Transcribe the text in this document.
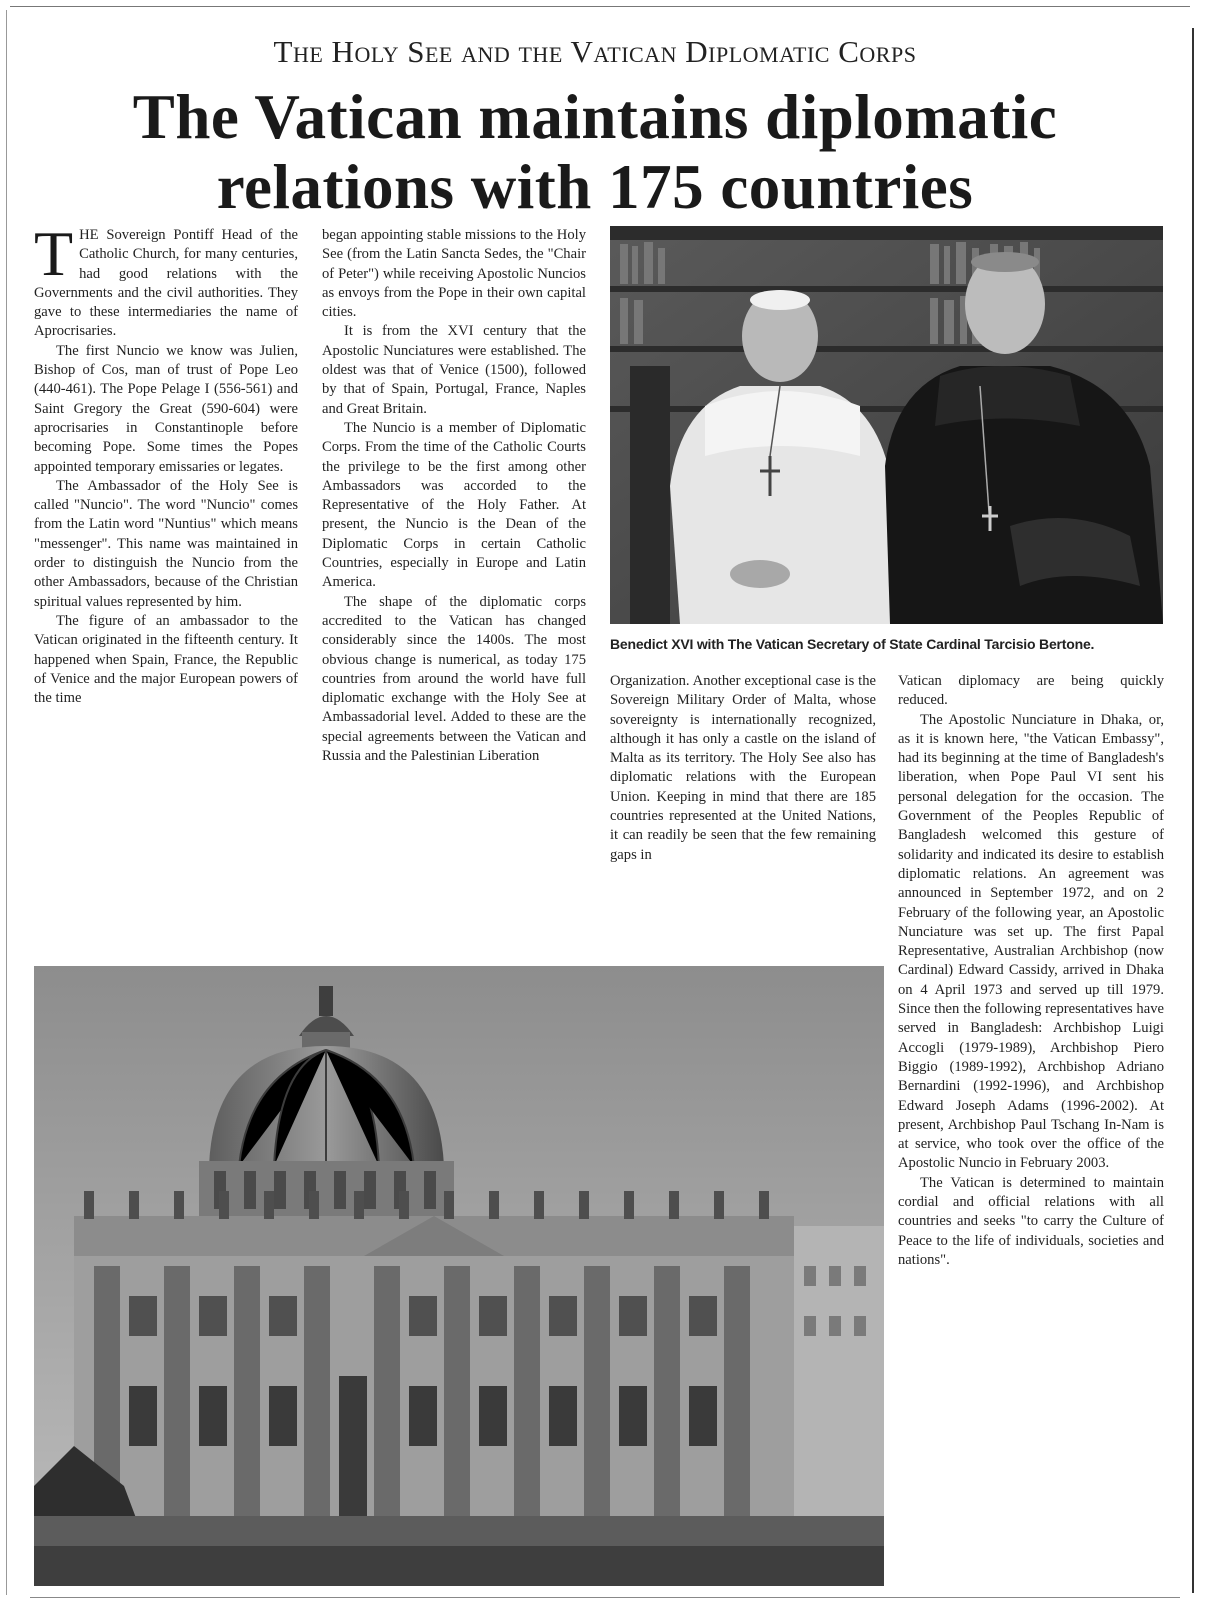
The Holy See and the Vatican Diplomatic Corps
The Vatican maintains diplomatic
relations with 175 countries

THE Sovereign Pontiff Head of the Catholic Church, for many centuries, had good relations with the Governments and the civil authorities. They gave to these intermediaries the name of Aprocrisaries.

The first Nuncio we know was Julien, Bishop of Cos, man of trust of Pope Leo (440-461). The Pope Pelage I (556-561) and Saint Gregory the Great (590-604) were aprocrisaries in Constantinople before becoming Pope. Some times the Popes appointed temporary emissaries or legates.

The Ambassador of the Holy See is called "Nuncio". The word "Nuncio" comes from the Latin word "Nuntius" which means "messenger". This name was maintained in order to distinguish the Nuncio from the other Ambassadors, because of the Christian spiritual values represented by him.

The figure of an ambassador to the Vatican originated in the fifteenth century. It happened when Spain, France, the Republic of Venice and the major European powers of the time

began appointing stable missions to the Holy See (from the Latin Sancta Sedes, the "Chair of Peter") while receiving Apostolic Nuncios as envoys from the Pope in their own capital cities.

It is from the XVI century that the Apostolic Nunciatures were established. The oldest was that of Venice (1500), followed by that of Spain, Portugal, France, Naples and Great Britain.

The Nuncio is a member of Diplomatic Corps. From the time of the Catholic Courts the privilege to be the first among other Ambassadors was accorded to the Representative of the Holy Father. At present, the Nuncio is the Dean of the Diplomatic Corps in certain Catholic Countries, especially in Europe and Latin America.

The shape of the diplomatic corps accredited to the Vatican has changed considerably since the 1400s. The most obvious change is numerical, as today 175 countries from around the world have full diplomatic exchange with the Holy See at Ambassadorial level. Added to these are the special agreements between the Vatican and Russia and the Palestinian Liberation

Benedict XVI with The Vatican Secretary of State Cardinal Tarcisio Bertone.

Organization. Another exceptional case is the Sovereign Military Order of Malta, whose sovereignty is internationally recognized, although it has only a castle on the island of Malta as its territory. The Holy See also has diplomatic relations with the European Union. Keeping in mind that there are 185 countries represented at the United Nations, it can readily be seen that the few remaining gaps in

Vatican diplomacy are being quickly reduced.

The Apostolic Nunciature in Dhaka, or, as it is known here, "the Vatican Embassy", had its beginning at the time of Bangladesh's liberation, when Pope Paul VI sent his personal delegation for the occasion. The Government of the Peoples Republic of Bangladesh welcomed this gesture of solidarity and indicated its desire to establish diplomatic relations. An agreement was announced in September 1972, and on 2 February of the following year, an Apostolic Nunciature was set up. The first Papal Representative, Australian Archbishop (now Cardinal) Edward Cassidy, arrived in Dhaka on 4 April 1973 and served up till 1979. Since then the following representatives have served in Bangladesh: Archbishop Luigi Accogli (1979-1989), Archbishop Piero Biggio (1989-1992), Archbishop Adriano Bernardini (1992-1996), and Archbishop Edward Joseph Adams (1996-2002). At present, Archbishop Paul Tschang In-Nam is at service, who took over the office of the Apostolic Nuncio in February 2003.

The Vatican is determined to maintain cordial and official relations with all countries and seeks "to carry the Culture of Peace to the life of individuals, societies and nations".
